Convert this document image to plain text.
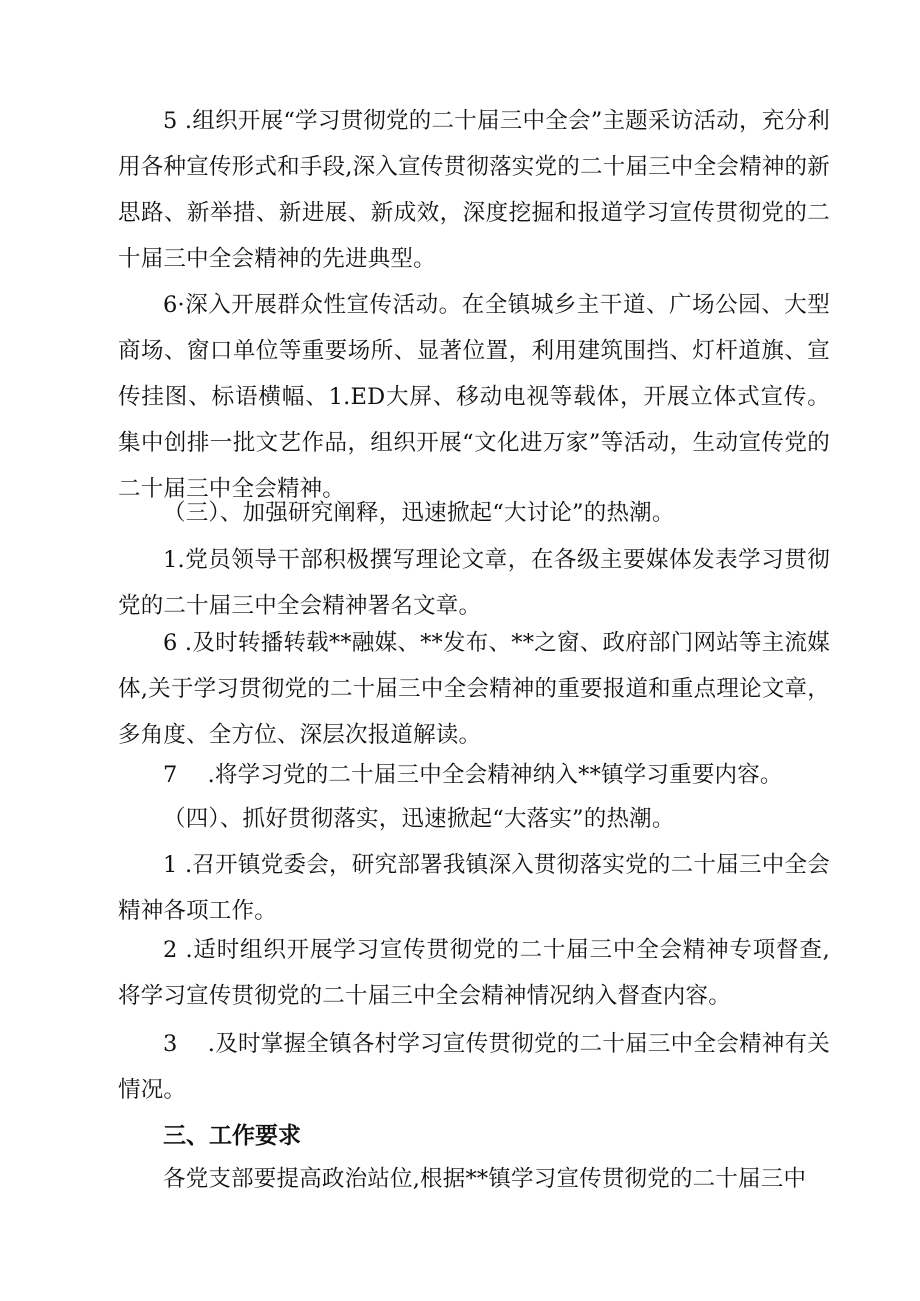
5 .组织开展“学习贯彻党的二十届三中全会”主题采访活动，充分利用各种宣传形式和手段,深入宣传贯彻落实党的二十届三中全会精神的新思路、新举措、新进展、新成效，深度挖掘和报道学习宣传贯彻党的二十届三中全会精神的先进典型。

6·深入开展群众性宣传活动。在全镇城乡主干道、广场公园、大型商场、窗口单位等重要场所、显著位置，利用建筑围挡、灯杆道旗、宣传挂图、标语横幅、1.ED大屏、移动电视等载体，开展立体式宣传。集中创排一批文艺作品，组织开展“文化进万家”等活动，生动宣传党的二十届三中全会精神。

（三）、加强研究阐释，迅速掀起“大讨论”的热潮。

1.党员领导干部积极撰写理论文章，在各级主要媒体发表学习贯彻党的二十届三中全会精神署名文章。

6 .及时转播转载**融媒、**发布、**之窗、政府部门网站等主流媒体,关于学习贯彻党的二十届三中全会精神的重要报道和重点理论文章，多角度、全方位、深层次报道解读。

7　 .将学习党的二十届三中全会精神纳入**镇学习重要内容。

（四）、抓好贯彻落实，迅速掀起“大落实”的热潮。

1 .召开镇党委会，研究部署我镇深入贯彻落实党的二十届三中全会精神各项工作。

2 .适时组织开展学习宣传贯彻党的二十届三中全会精神专项督查,将学习宣传贯彻党的二十届三中全会精神情况纳入督查内容。

3　 .及时掌握全镇各村学习宣传贯彻党的二十届三中全会精神有关情况。

三、工作要求

各党支部要提高政治站位,根据**镇学习宣传贯彻党的二十届三中
